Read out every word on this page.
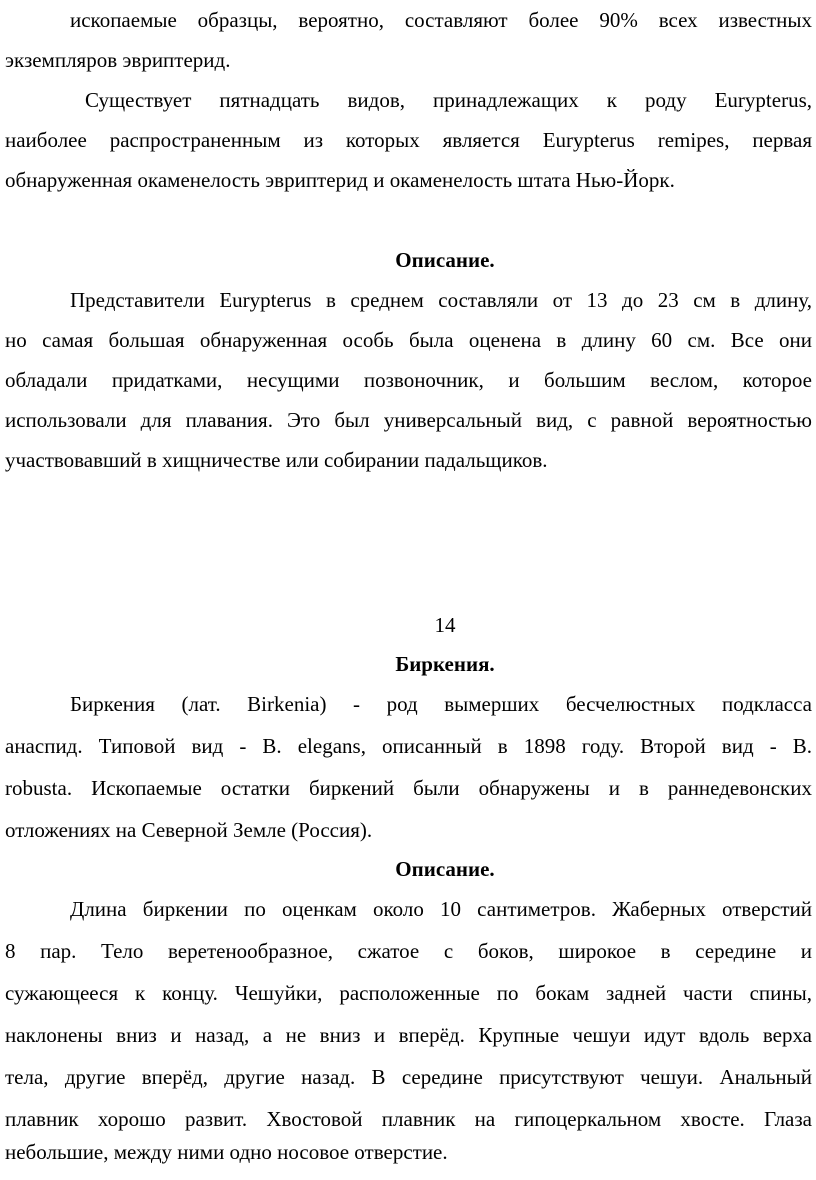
ископаемые образцы, вероятно, составляют более 90% всех известных
экземпляров эвриптерид.
Существует пятнадцать видов, принадлежащих к роду Eurypterus,
наиболее распространенным из которых является Eurypterus remipes, первая
обнаруженная окаменелость эвриптерид и окаменелость штата Нью-Йорк.
Описание.
Представители Eurypterus в среднем составляли от 13 до 23 см в длину,
но самая большая обнаруженная особь была оценена в длину 60 см. Все они
обладали придатками, несущими позвоночник, и большим веслом, которое
использовали для плавания. Это был универсальный вид, с равной вероятностью
участвовавший в хищничестве или собирании падальщиков.
14
Биркения.
Биркения (лат. Birkenia) - род вымерших бесчелюстных подкласса
анаспид. Типовой вид - B. elegans, описанный в 1898 году. Второй вид - B.
robusta. Ископаемые остатки биркений были обнаружены и в раннедевонских
отложениях на Северной Земле (Россия).
Описание.
Длина биркении по оценкам около 10 сантиметров. Жаберных отверстий
8 пар. Тело веретенообразное, сжатое с боков, широкое в середине и
сужающееся к концу. Чешуйки, расположенные по бокам задней части спины,
наклонены вниз и назад, а не вниз и вперёд. Крупные чешуи идут вдоль верха
тела, другие вперёд, другие назад. В середине присутствуют чешуи. Анальный
плавник хорошо развит. Хвостовой плавник на гипоцеркальном хвосте. Глаза
небольшие, между ними одно носовое отверстие.
